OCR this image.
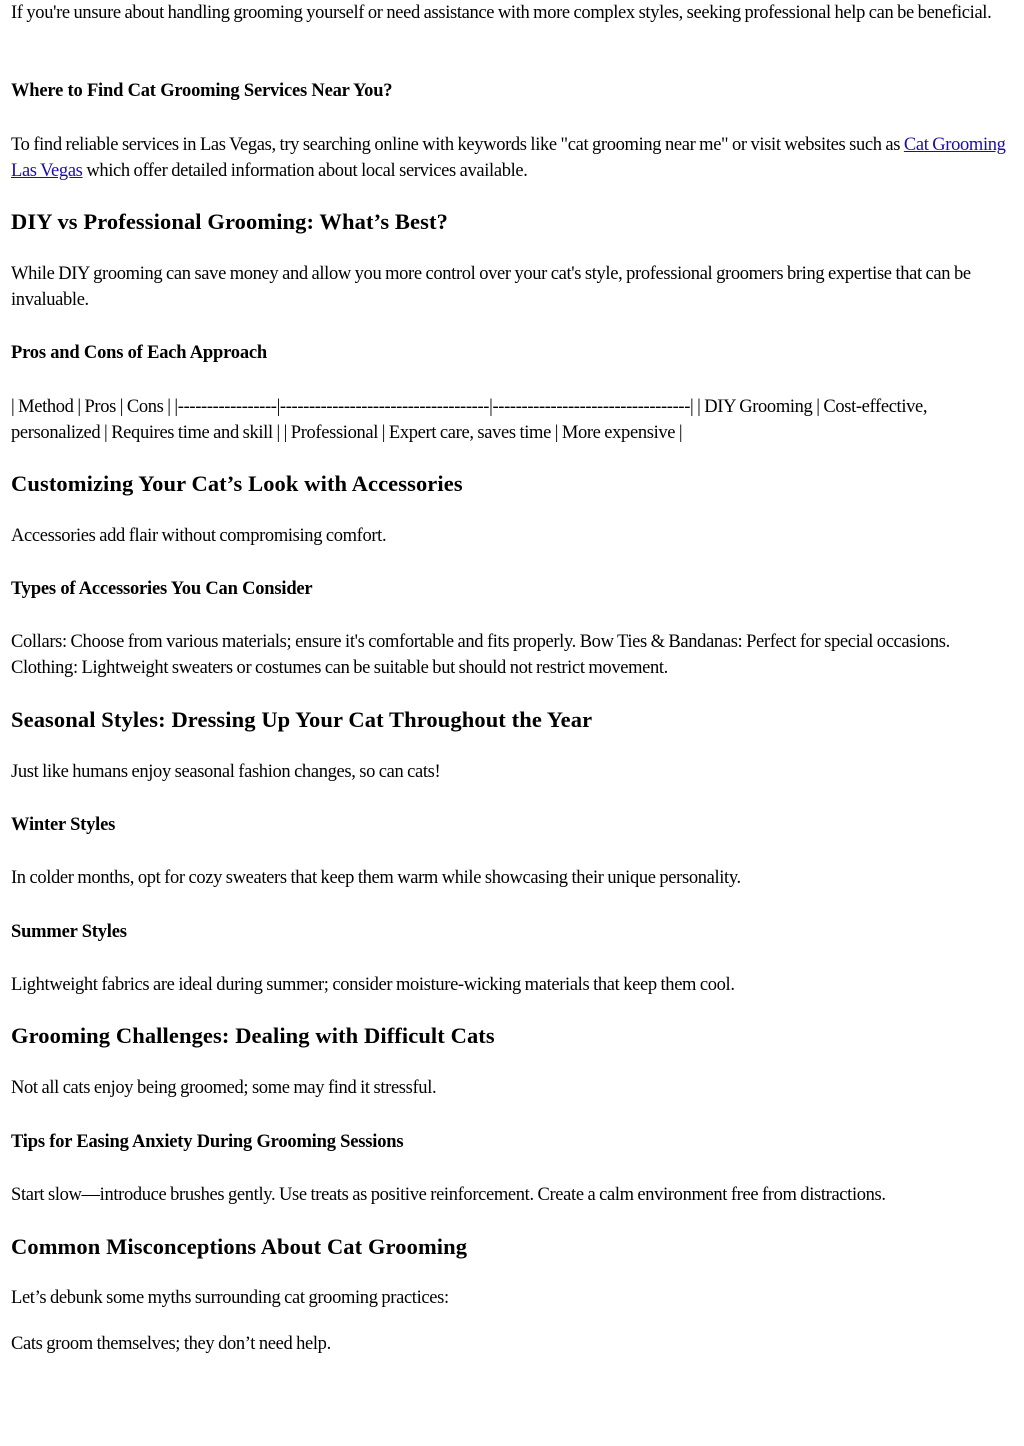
If you're unsure about handling grooming yourself or need assistance with more complex styles, seeking professional help can be beneficial.

Where to Find Cat Grooming Services Near You?

To find reliable services in Las Vegas, try searching online with keywords like "cat grooming near me" or visit websites such as Cat Grooming Las Vegas which offer detailed information about local services available.

DIY vs Professional Grooming: What’s Best?

While DIY grooming can save money and allow you more control over your cat's style, professional groomers bring expertise that can be invaluable.

Pros and Cons of Each Approach

| Method | Pros | Cons | |-----------------|------------------------------------|----------------------------------| | DIY Grooming | Cost-effective, personalized | Requires time and skill | | Professional | Expert care, saves time | More expensive |

Customizing Your Cat’s Look with Accessories

Accessories add flair without compromising comfort.

Types of Accessories You Can Consider

Collars: Choose from various materials; ensure it's comfortable and fits properly. Bow Ties & Bandanas: Perfect for special occasions. Clothing: Lightweight sweaters or costumes can be suitable but should not restrict movement.

Seasonal Styles: Dressing Up Your Cat Throughout the Year

Just like humans enjoy seasonal fashion changes, so can cats!

Winter Styles

In colder months, opt for cozy sweaters that keep them warm while showcasing their unique personality.

Summer Styles

Lightweight fabrics are ideal during summer; consider moisture-wicking materials that keep them cool.

Grooming Challenges: Dealing with Difficult Cats

Not all cats enjoy being groomed; some may find it stressful.

Tips for Easing Anxiety During Grooming Sessions

Start slow—introduce brushes gently. Use treats as positive reinforcement. Create a calm environment free from distractions.

Common Misconceptions About Cat Grooming

Let’s debunk some myths surrounding cat grooming practices:

Cats groom themselves; they don’t need help.
